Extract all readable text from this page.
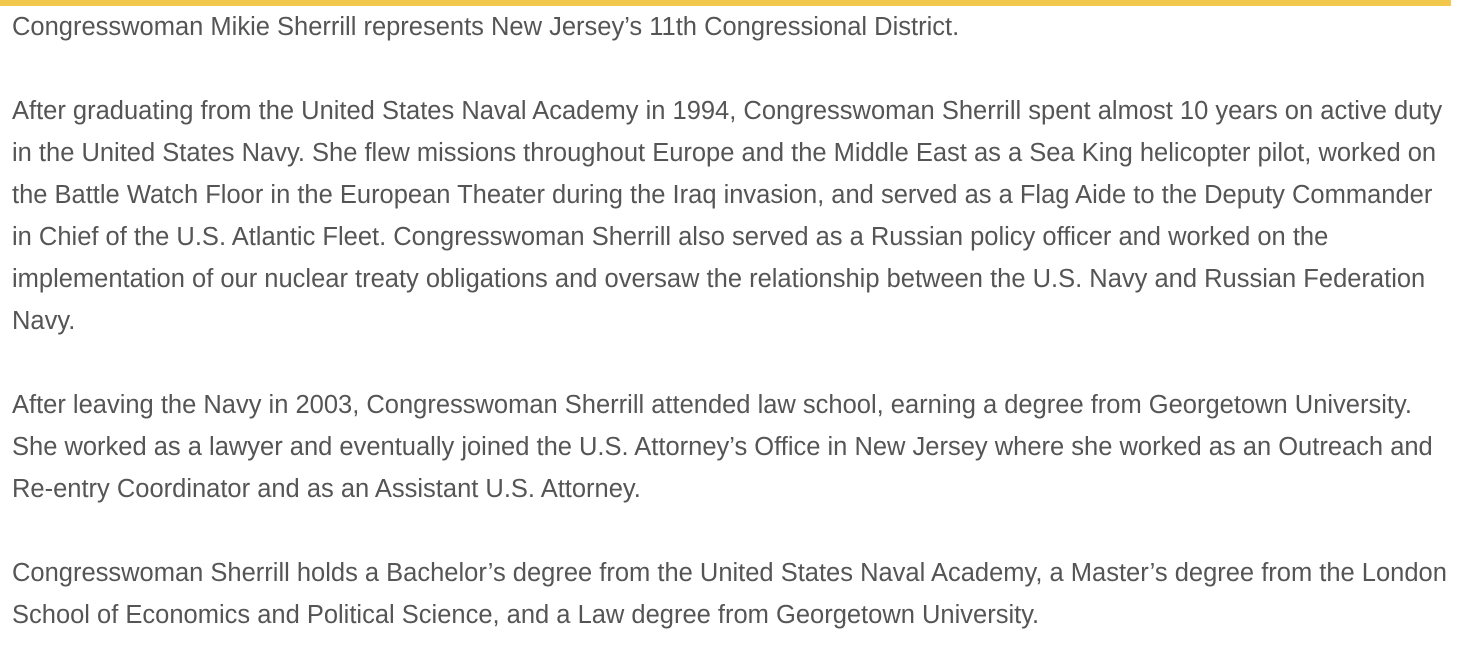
Congresswoman Mikie Sherrill represents New Jersey’s 11th Congressional District.

After graduating from the United States Naval Academy in 1994, Congresswoman Sherrill spent almost 10 years on active duty in the United States Navy. She flew missions throughout Europe and the Middle East as a Sea King helicopter pilot, worked on the Battle Watch Floor in the European Theater during the Iraq invasion, and served as a Flag Aide to the Deputy Commander in Chief of the U.S. Atlantic Fleet. Congresswoman Sherrill also served as a Russian policy officer and worked on the implementation of our nuclear treaty obligations and oversaw the relationship between the U.S. Navy and Russian Federation Navy.

After leaving the Navy in 2003, Congresswoman Sherrill attended law school, earning a degree from Georgetown University. She worked as a lawyer and eventually joined the U.S. Attorney’s Office in New Jersey where she worked as an Outreach and Re-entry Coordinator and as an Assistant U.S. Attorney.

Congresswoman Sherrill holds a Bachelor’s degree from the United States Naval Academy, a Master’s degree from the London School of Economics and Political Science, and a Law degree from Georgetown University.
